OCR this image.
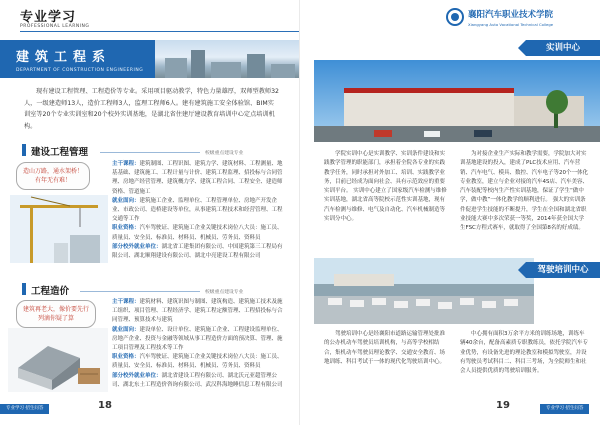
专业学习
PROFESSIONAL LEARNING
建筑工程系
DEPARTMENT OF CONSTRUCTION ENGINEERING
现有建设工程管理、工程造价等专业。采用项目驱动教学，特色力量雄厚，双师型教师32人，一级建造师13人，造价工程师3人，监理工程师6人。建有建筑施工安全体验馆、BIM实训室等20个专业实训室和20个校外实训基地，是湖北省住建厅建设教育培训中心定点培训机构。
建设工程管理	校级重点建设专业
造山万路，通水架桥！
有年无有难！
主干课程：建筑制图、工程识图、建筑力学、建筑材料、工程测量、地基基础、建筑施工、工程计量与计价、建筑工程监理、招投标与合同管理、房地产经营管理、建筑概力学、建筑工程合同、工程安全、建造师资格、管道施工
就业面向：建筑施工企业、监理单位、工程管理单位、房地产开发企业、市政公司、造桥建设等单位，从事建筑工程技术和经营管理、工程交通等工作
职业资格：汽车驾驶证、建筑施工企业关键技术岗位八大员：施工员、质量员、安全员、标准员、材料员、机械员、劳务员、资料员
部分校外就业单位：湖北省工建集团有限公司、中国建筑第三工程局有限公司、湖北顺翔建设有限公司、湖北中亮建设工程有限公司
工程造价	校级重点建设专业
建筑再老大，像价要先行
列滴你疑了算
主干课程：建筑材料、建筑识图与制图、建筑构造、建筑施工技术及施工组织、项目管理、工程经济学、建筑工程定额管理、工程招投标与合同管理、预算技术与建筑
就业面向：建设单位、设计单位、建筑施工企业、工程建设监理单位、房地产企业、投资与金融等领域从事工程造价方面的预决算、管理、施工项目管理及工程技术等工作
职业资格：汽车驾驶证、建筑施工企业关键技术岗位八大员：施工员、质量员、安全员、标准员、材料员、机械员、劳务员、资料员
部分校外就业单位：湖北省建设工程有限公司、湖北沃元亚超管理公司、湖北东土工程造价咨询有限公司、武汉科海地睡信息工程有限公司
专业学习 招生问答	18
襄阳汽车职业技术学院
Xiangyang Auto Vocational Technical College
实训中心
学院实训中心是实训教学、实训条件建设和实践教学管理的职能部门，承担着全院各专业的实践教学任务，同时承担对外加工、培训、实践教学业务，目前已经成为面向社会、具有示范效应的重要实训平台。 实训中心建立了国家级汽车检测与维修实训基地，湖北省高等院校示范性实训基地，现有汽车检测与维修、电气及自动化、汽车机械制造等实训分中心。
为对接企业生产实际和教学需要，学院加大对实训基地建设的投入，建成了PLC技术应用、汽车营销、汽车电气、模具、数控、汽车电子等20个一体化专业教室，建立与企业对接的汽车4S店、汽车美容、汽车装配等校内生产性实训基地，保证了学生“做中学，做中教”一体化教学的顺利进行。 强大的实训条件促进学生技能的不断提升，学生在全国和湖北省职业技能大赛中多次荣获一等奖，2014年获全国大学生FSC方程式赛车，就取得了全国第8名的好成绩。
驾驶培训中心
驾驶培训中心是经襄阳市道路运输管理处批准的公办机动车驾驶员培训机构，与高等学校相结合，集机动车驾驶员理论教学、交通安全教育、场地训练、科目考试于一体的现代化驾驶培训中心。
中心拥有面积3万余平方米的训练场地，训练车辆40余台，配备高素质专职教练员，依托学院汽车专业优势，有设备先进的理论教室和模拟驾驶室，并设有驾驶员考试科目二、科目三考场，为全院师生和社会人员提供优质的驾驶培训服务。
专业学习 招生问答
19
